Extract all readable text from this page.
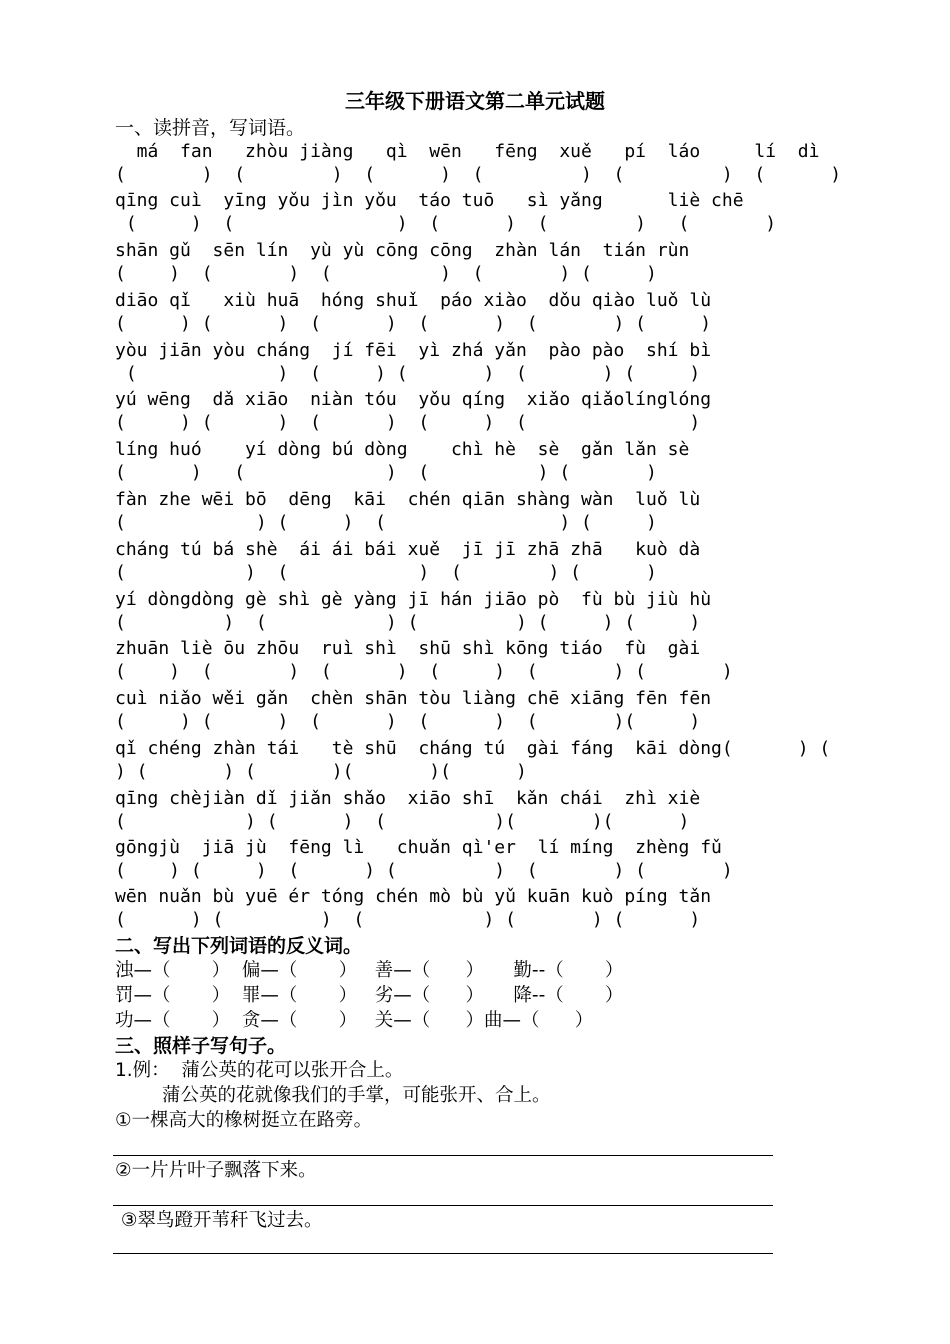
三年级下册语文第二单元试题
一、读拼音，写词语。
má  fan   zhòu jiàng   qì  wēn   fēng  xuě   pí  láo     lí  dì
(       )  (        )  (      )  (         )  (         )  (      )
qīng cuì  yīng yǒu jìn yǒu  táo tuō   sì yǎng      liè chē
(     )  (               )  (      )  (        )   (       )
shān gǔ  sēn lín  yù yù cōng cōng  zhàn lán  tián rùn
(    )  (       )  (          )  (       ) (     )
diāo qǐ   xiù huā  hóng shuǐ  páo xiào  dǒu qiào luǒ lù
(     ) (      )  (      )  (      )  (       ) (     )
yòu jiān yòu cháng  jí fēi  yì zhá yǎn  pào pào  shí bì
(             )  (     ) (       )  (       ) (     )
yú wēng  dǎ xiāo  niàn tóu  yǒu qíng  xiǎo qiǎolínglóng
(     ) (      )  (      )  (     )  (               )
líng huó    yí dòng bú dòng    chì hè  sè  gǎn lǎn sè
(      )   (             )  (          ) (       )
fàn zhe wēi bō  dēng  kāi  chén qiān shàng wàn  luǒ lù
(            ) (     )  (                ) (     )
cháng tú bá shè  ái ái bái xuě  jī jī zhā zhā   kuò dà
(           )  (            )  (        ) (      )
yí dòngdòng gè shì gè yàng jī hán jiāo pò  fù bù jiù hù
(         )  (           ) (         ) (     ) (     )
zhuān liè ōu zhōu  ruì shì  shū shì kōng tiáo  fù  gài
(    )  (       )  (      )  (     )  (       ) (       )
cuì niǎo wěi gǎn  chèn shān tòu liàng chē xiāng fēn fēn
(     ) (      )  (      )  (      )  (       )(     )
qǐ chéng zhàn tái   tè shū  cháng tú  gài fáng  kāi dòng(      ) (
) (       ) (       )(       )(      )
qīng chèjiàn dǐ jiǎn shǎo  xiāo shī  kǎn chái  zhì xiè
(           ) (      )  (          )(       )(      )
gōngjù  jiā jù  fēng lì   chuǎn qì'er  lí míng  zhèng fǔ
(    ) (     )  (      ) (         )  (       ) (       )
wēn nuǎn bù yuē ér tóng chén mò bù yǔ kuān kuò píng tǎn
(      ) (         )  (           ) (       ) (      )
二、写出下列词语的反义词。
浊—（       ）  偏—（       ）   善—（      ）     勤--（       ）
罚—（       ）  罪—（       ）   劣—（      ）     降--（       ）
功—（       ）  贪—（       ）   关—（      ）曲—（      ）
三、照样子写句子。
1.例：  蒲公英的花可以张开合上。
蒲公英的花就像我们的手掌，可能张开、合上。
①一棵高大的橡树挺立在路旁。
②一片片叶子飘落下来。
③翠鸟蹬开苇秆飞过去。
